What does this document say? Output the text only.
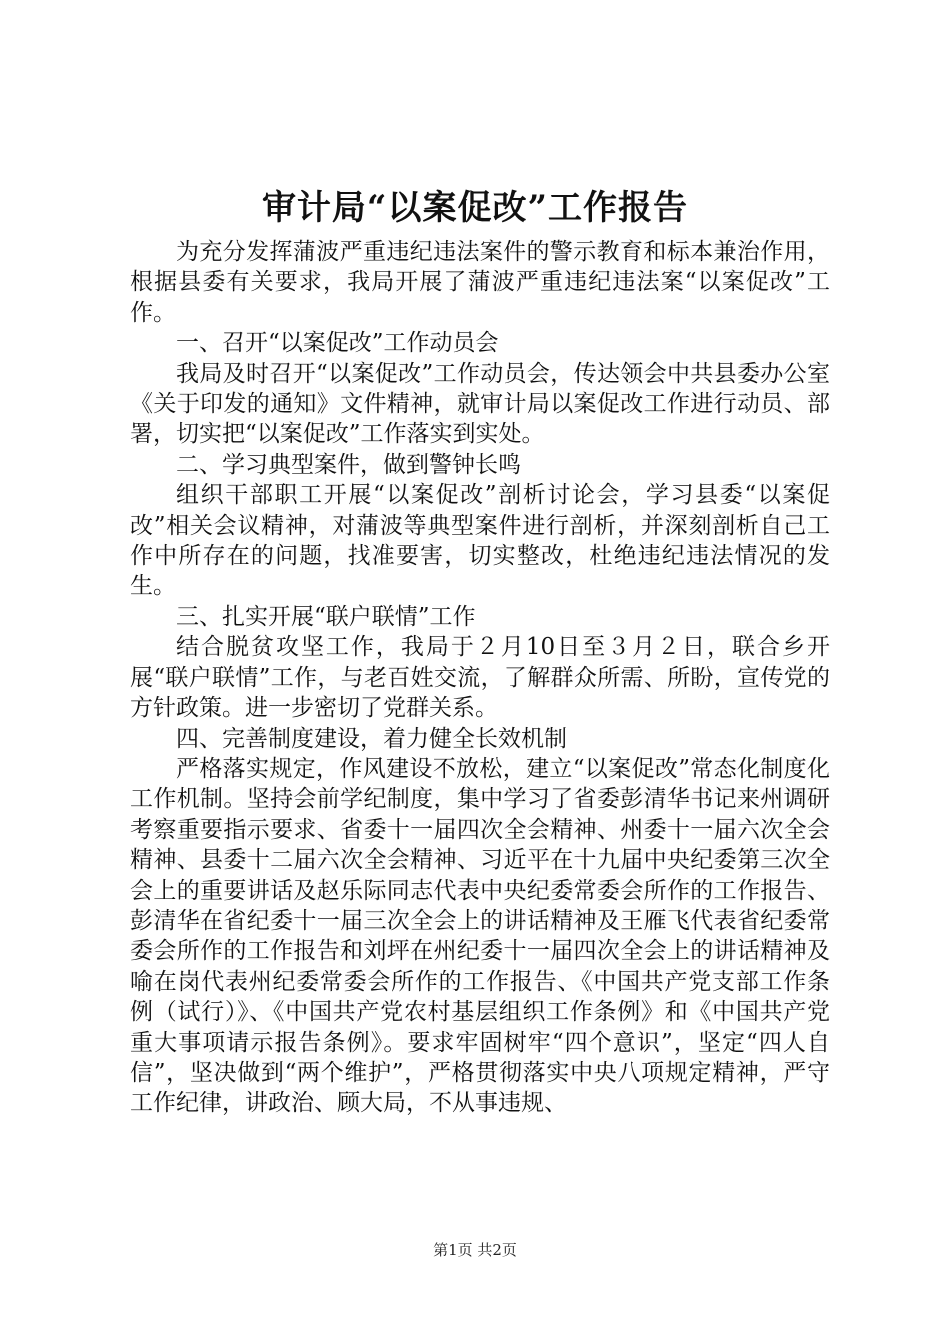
审计局“以案促改”工作报告

为充分发挥蒲波严重违纪违法案件的警示教育和标本兼治作用，根据县委有关要求，我局开展了蒲波严重违纪违法案“以案促改”工作。

一、召开“以案促改”工作动员会

我局及时召开“以案促改”工作动员会，传达领会中共县委办公室《关于印发的通知》文件精神，就审计局以案促改工作进行动员、部署，切实把“以案促改”工作落实到实处。

二、学习典型案件，做到警钟长鸣

组织干部职工开展“以案促改”剖析讨论会，学习县委“以案促改”相关会议精神，对蒲波等典型案件进行剖析，并深刻剖析自己工作中所存在的问题，找准要害，切实整改，杜绝违纪违法情况的发生。

三、扎实开展“联户联情”工作

结合脱贫攻坚工作，我局于２月10日至３月２日，联合乡开展“联户联情”工作，与老百姓交流，了解群众所需、所盼，宣传党的方针政策。进一步密切了党群关系。

四、完善制度建设，着力健全长效机制

严格落实规定，作风建设不放松，建立“以案促改”常态化制度化工作机制。坚持会前学纪制度，集中学习了省委彭清华书记来州调研考察重要指示要求、省委十一届四次全会精神、州委十一届六次全会精神、县委十二届六次全会精神、习近平在十九届中央纪委第三次全会上的重要讲话及赵乐际同志代表中央纪委常委会所作的工作报告、彭清华在省纪委十一届三次全会上的讲话精神及王雁飞代表省纪委常委会所作的工作报告和刘坪在州纪委十一届四次全会上的讲话精神及喻在岗代表州纪委常委会所作的工作报告、《中国共产党支部工作条例（试行）》、《中国共产党农村基层组织工作条例》和《中国共产党重大事项请示报告条例》。要求牢固树牢“四个意识”，坚定“四人自信”，坚决做到“两个维护”，严格贯彻落实中央八项规定精神，严守工作纪律，讲政治、顾大局，不从事违规、

第1页 共2页
